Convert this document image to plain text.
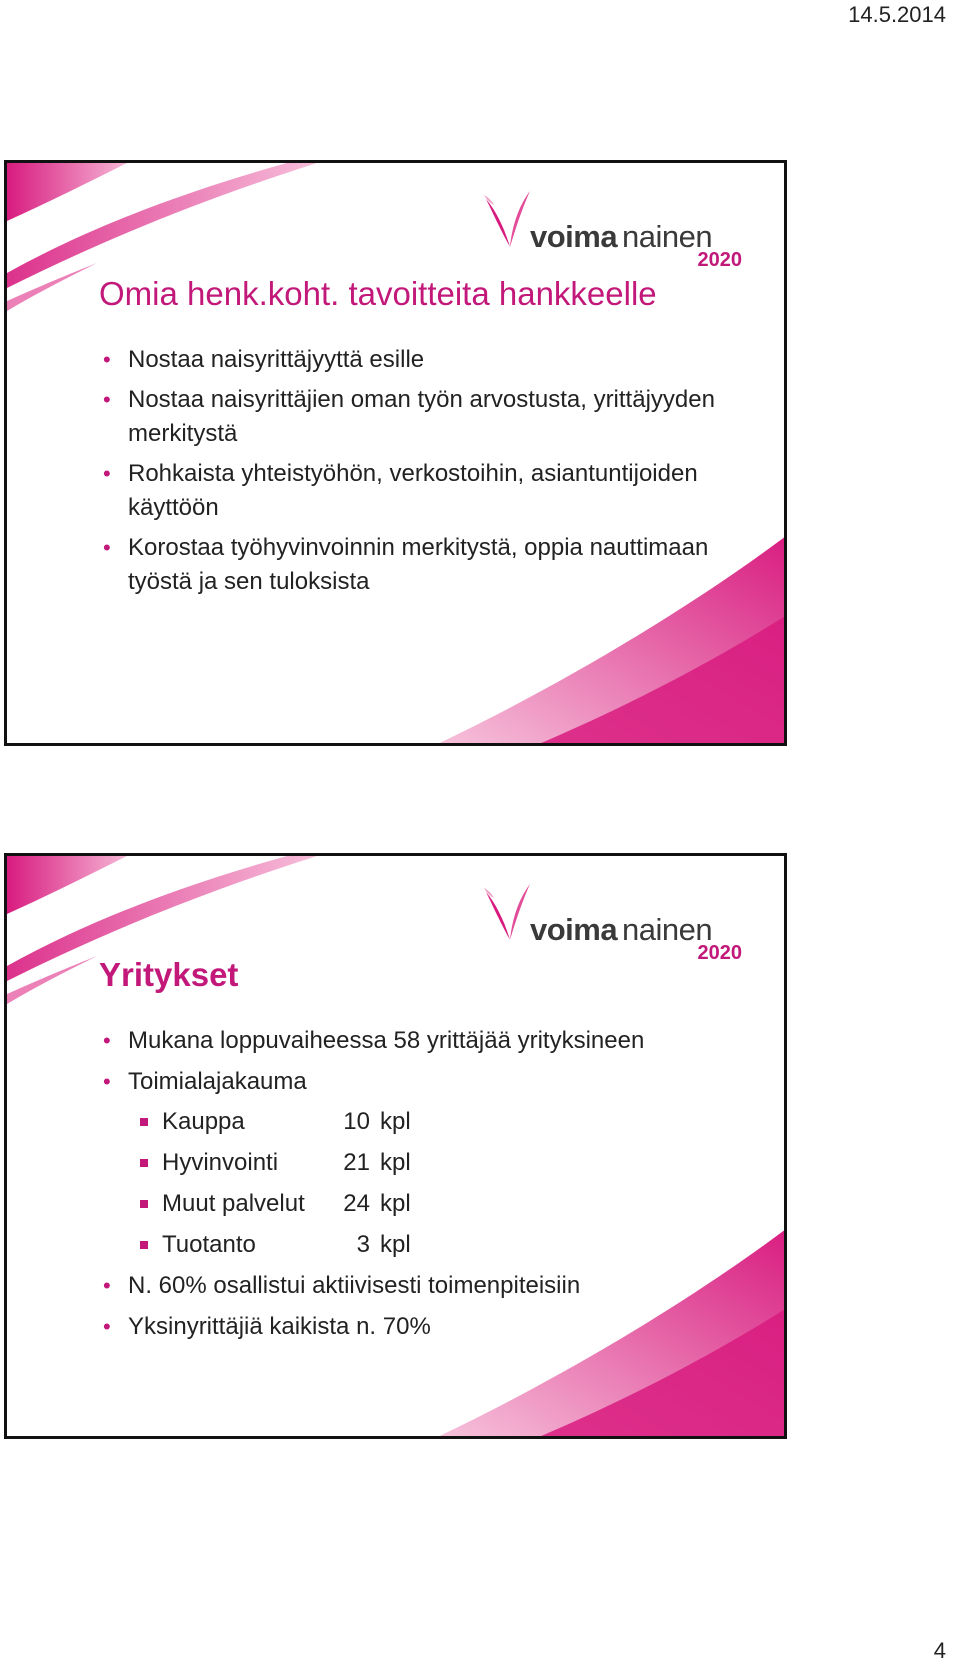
14.5.2014
voima nainen
2020
Omia henk.koht. tavoitteita hankkeelle
• Nostaa naisyrittäjyyttä esille
• Nostaa naisyrittäjien oman työn arvostusta, yrittäjyyden merkitystä
• Rohkaista yhteistyöhön, verkostoihin, asiantuntijoiden käyttöön
• Korostaa työhyvinvoinnin merkitystä, oppia nauttimaan työstä ja sen tuloksista
voima nainen
2020
Yritykset
• Mukana loppuvaiheessa 58 yrittäjää yrityksineen
• Toimialajakauma
Kauppa	10 kpl
Hyvinvointi	21 kpl
Muut palvelut 24 kpl
Tuotanto	3 kpl
• N. 60% osallistui aktiivisesti toimenpiteisiin
• Yksinyrittäjiä kaikista n. 70%
4
